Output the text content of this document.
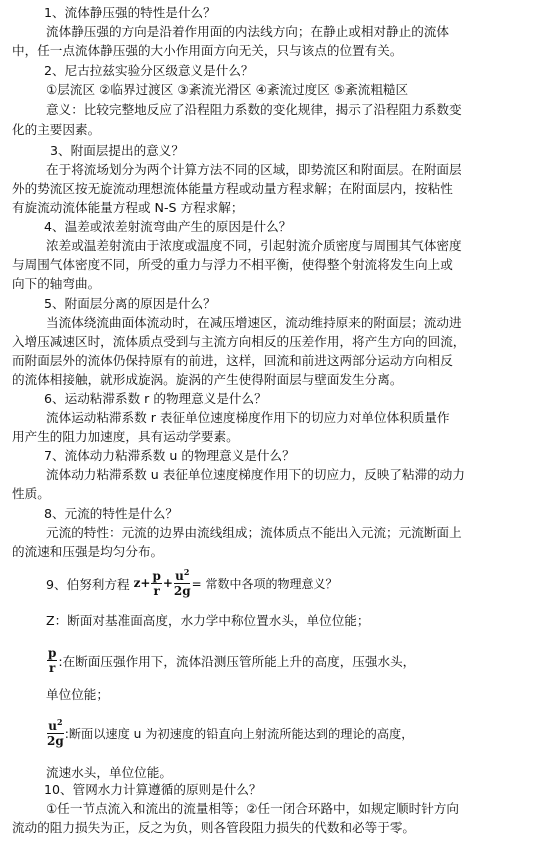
1、流体静压强的特性是什么？
流体静压强的方向是沿着作用面的内法线方向；在静止或相对静止的流体
中，任一点流体静压强的大小作用面方向无关，只与该点的位置有关。
2、尼古拉兹实验分区级意义是什么？
①层流区 ②临界过渡区 ③紊流光滑区 ④紊流过度区 ⑤紊流粗糙区
意义：比较完整地反应了沿程阻力系数的变化规律，揭示了沿程阻力系数变
化的主要因素。
3、附面层提出的意义？
在于将流场划分为两个计算方法不同的区域，即势流区和附面层。在附面层
外的势流区按无旋流动理想流体能量方程或动量方程求解；在附面层内，按粘性
有旋流动流体能量方程或 N-S 方程求解；
4、温差或浓差射流弯曲产生的原因是什么？
浓差或温差射流由于浓度或温度不同，引起射流介质密度与周围其气体密度
与周围气体密度不同，所受的重力与浮力不相平衡，使得整个射流将发生向上或
向下的轴弯曲。
5、附面层分离的原因是什么？
当流体绕流曲面体流动时，在减压增速区，流动维持原来的附面层；流动进
入增压减速区时，流体质点受到与主流方向相反的压差作用，将产生方向的回流，
而附面层外的流体仍保持原有的前进，这样，回流和前进这两部分运动方向相反
的流体相接触，就形成旋涡。旋涡的产生使得附面层与壁面发生分离。
6、运动粘滞系数 r 的物理意义是什么？
流体运动粘滞系数 r 表征单位速度梯度作用下的切应力对单位体积质量作
用产生的阻力加速度，具有运动学要素。
7、流体动力粘滞系数 u 的物理意义是什么？
流体动力粘滞系数 u 表征单位速度梯度作用下的切应力，反映了粘滞的动力
性质。
8、元流的特性是什么？
元流的特性：元流的边界由流线组成；流体质点不能出入元流；元流断面上
的流速和压强是均匀分布。
9、伯努利方程 $z + \frac{p}{r} + \frac{u^2}{2g}$ = 常数中各项的物理意义？
Z：断面对基准面高度，水力学中称位置水头，单位位能；
p
r :在断面压强作用下，流体沿测压管所能上升的高度，压强水头，
单位位能；
$u^2$
2g
:断面以速度 u 为初速度的铅直向上射流所能达到的理论的高度，
流速水头，单位位能。
10、管网水力计算遵循的原则是什么？
①任一节点流入和流出的流量相等；②任一闭合环路中，如规定顺时针方向
流动的阻力损失为正，反之为负，则各管段阻力损失的代数和必等于零。
